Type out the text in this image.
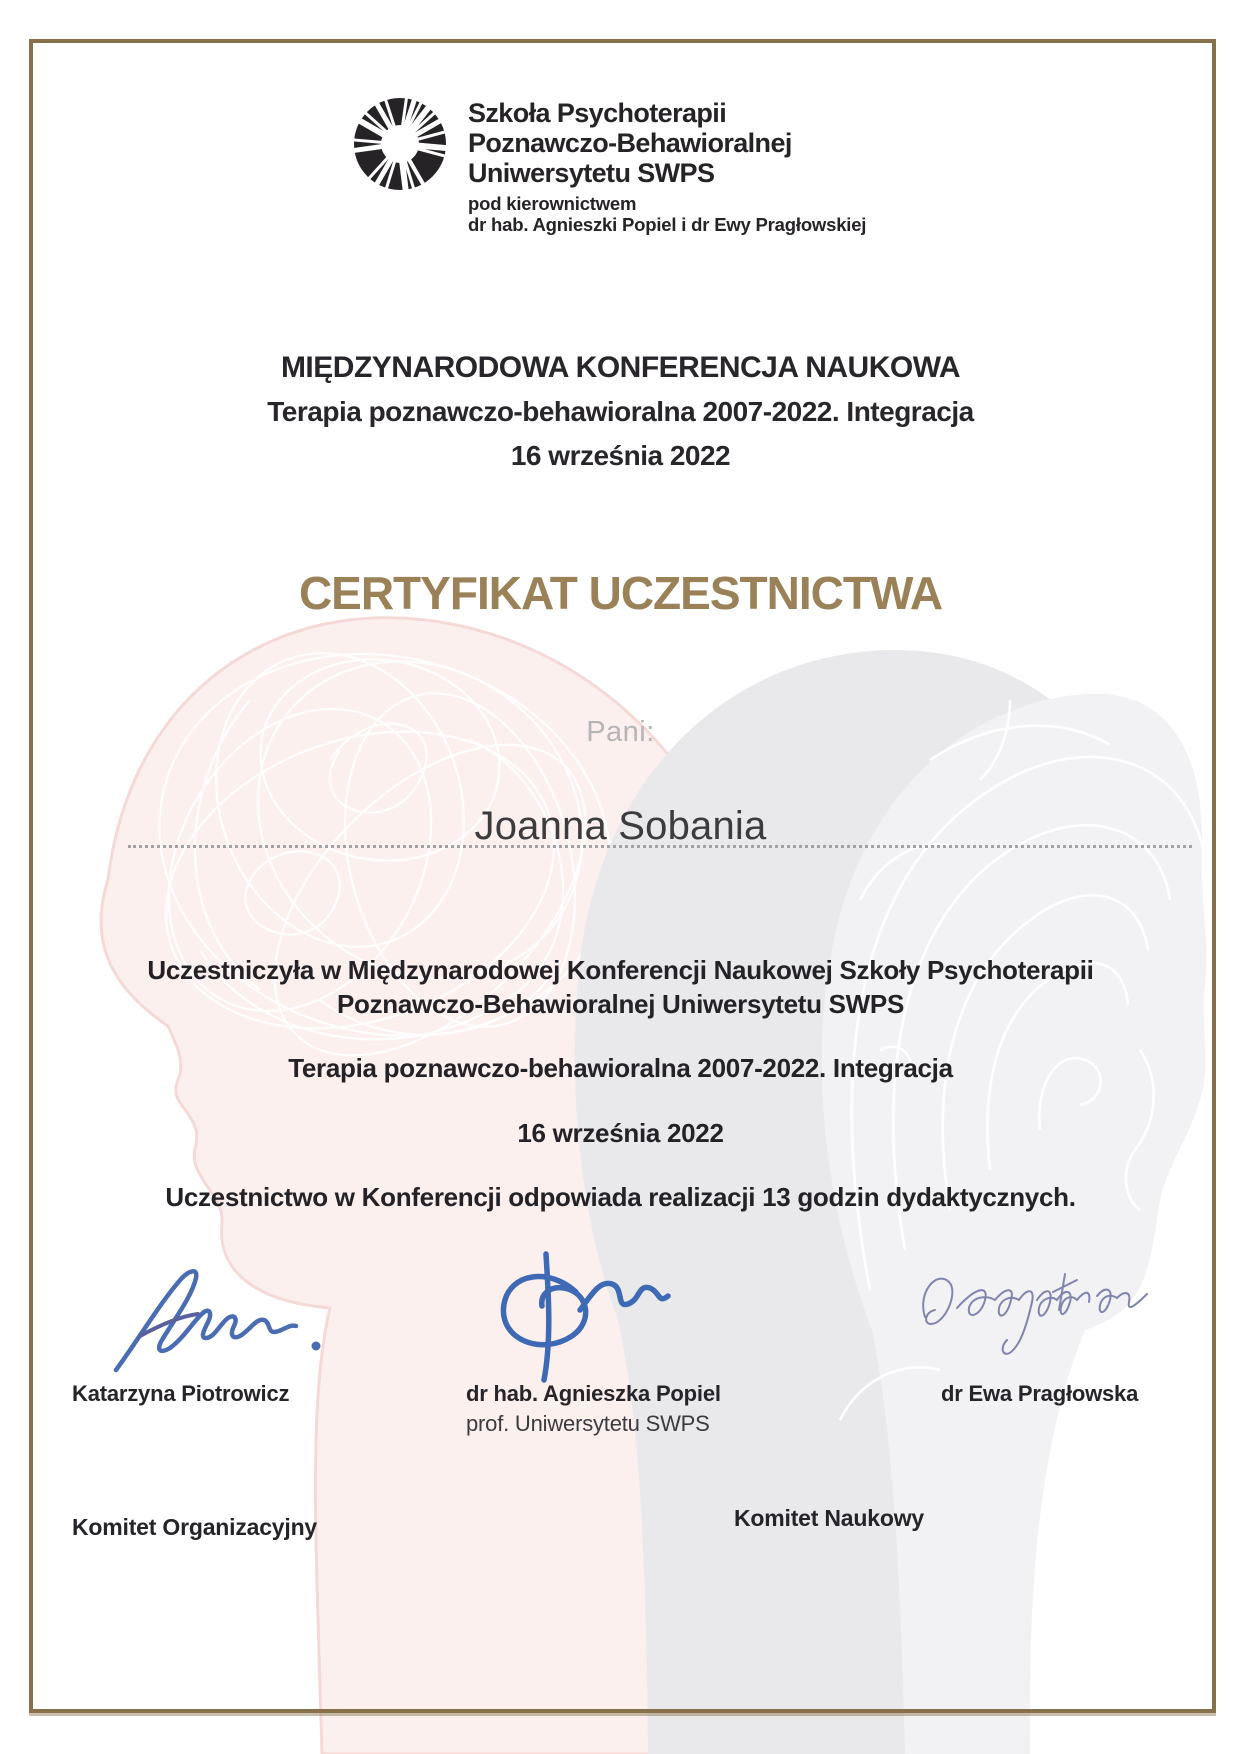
Szkoła Psychoterapii
Poznawczo-Behawioralnej
Uniwersytetu SWPS
pod kierownictwem
dr hab. Agnieszki Popiel i dr Ewy Pragłowskiej
MIĘDZYNARODOWA KONFERENCJA NAUKOWA
Terapia poznawczo-behawioralna 2007-2022. Integracja
16 września 2022
CERTYFIKAT UCZESTNICTWA
Pani:
Joanna Sobania
Uczestniczyła w Międzynarodowej Konferencji Naukowej Szkoły Psychoterapii
Poznawczo-Behawioralnej Uniwersytetu SWPS
Terapia poznawczo-behawioralna 2007-2022. Integracja
16 września 2022
Uczestnictwo w Konferencji odpowiada realizacji 13 godzin dydaktycznych.
Katarzyna Piotrowicz	dr hab. Agnieszka Popiel
prof. Uniwersytetu SWPS
dr Ewa Pragłowska
Komitet Organizacyjny	Komitet Naukowy
